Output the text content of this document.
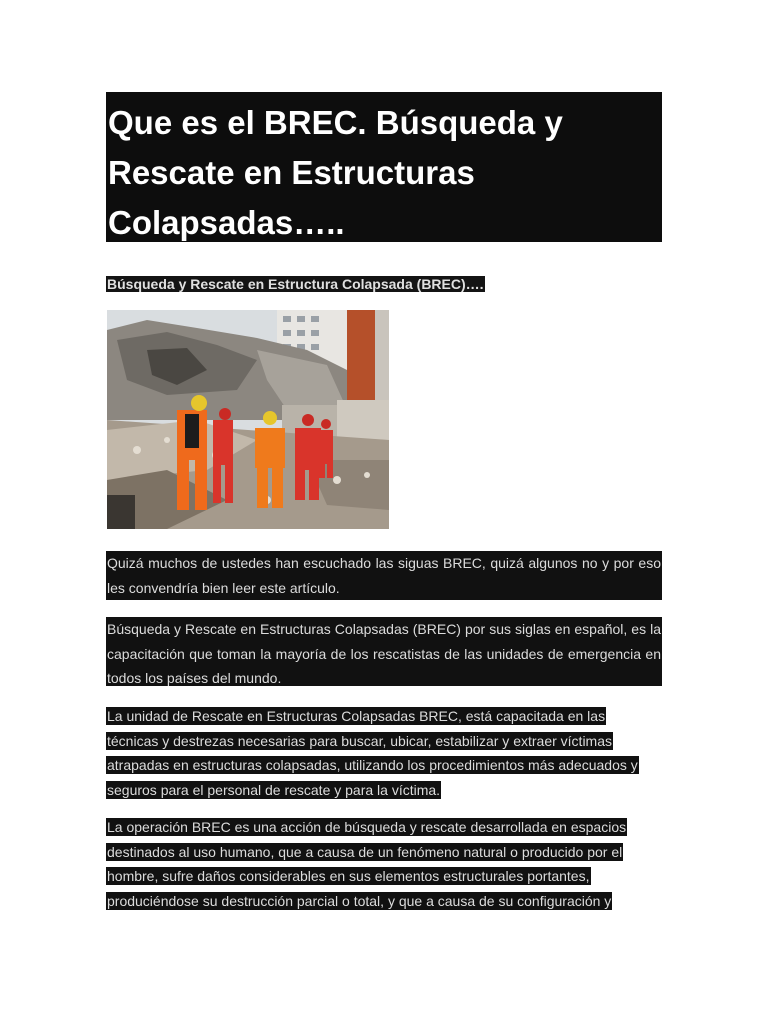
Que es el BREC. Búsqueda y Rescate en Estructuras Colapsadas…..
Búsqueda y Rescate en Estructura Colapsada (BREC)….

Quizá muchos de ustedes han escuchado las siguas BREC, quizá algunos no y por eso les convendría bien leer este artículo.

Búsqueda y Rescate en Estructuras Colapsadas (BREC) por sus siglas en español, es la capacitación que toman la mayoría de los rescatistas de las unidades de emergencia en todos los países del mundo.

La unidad de Rescate en Estructuras Colapsadas BREC, está capacitada en las
técnicas y destrezas necesarias para buscar, ubicar, estabilizar y extraer víctimas
atrapadas en estructuras colapsadas, utilizando los procedimientos más adecuados y
seguros para el personal de rescate y para la víctima.
La operación BREC es una acción de búsqueda y rescate desarrollada en espacios
destinados al uso humano, que a causa de un fenómeno natural o producido por el
hombre, sufre daños considerables en sus elementos estructurales portantes,
produciéndose su destrucción parcial o total, y que a causa de su configuración y
